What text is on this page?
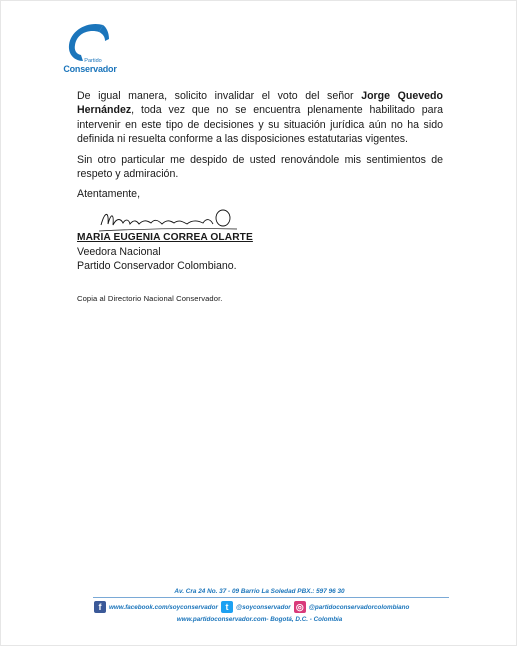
Partido
Conservador
De igual manera, solicito invalidar el voto del señor Jorge Quevedo Hernández, toda vez que no se encuentra plenamente habilitado para intervenir en este tipo de decisiones y su situación jurídica aún no ha sido definida ni resuelta conforme a las disposiciones estatutarias vigentes.
Sin otro particular me despido de usted renovándole mis sentimientos de respeto y admiración.
Atentamente,
MARIA EUGENIA CORREA OLARTE
Veedora Nacional
Partido Conservador Colombiano.
Copia al Directorio Nacional Conservador.
Av. Cra 24 No. 37 - 09 Barrio La Soledad PBX.: 597 96 30
f	www.facebook.com/soyconservador t	@soyconservador ◎ @partidoconservadorcolombiano
www.partidoconservador.com- Bogotá, D.C. - Colombia
